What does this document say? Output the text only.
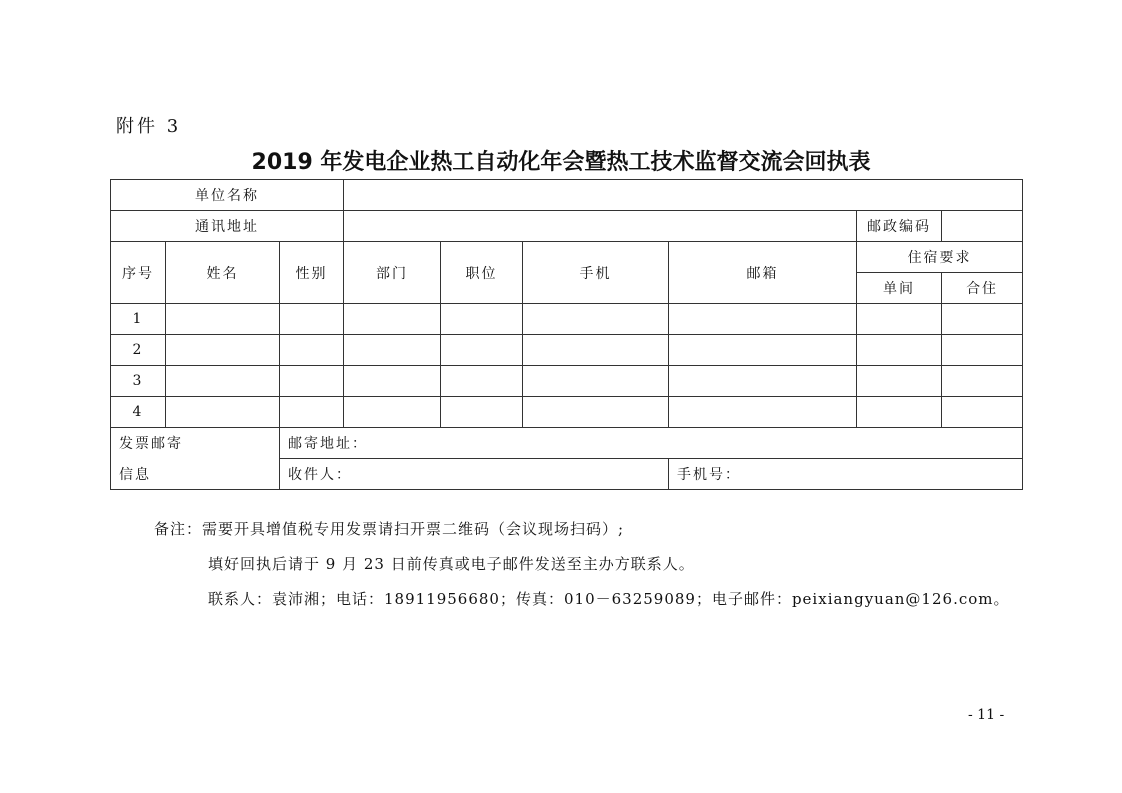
附件 3
2019 年发电企业热工自动化年会暨热工技术监督交流会回执表
单位名称								
通讯地址							邮政编码	
序号	姓名	性别	部门	职位	手机	邮箱	住宿要求	
							单间	合住
1								
2								
3								
4								
发票邮寄		邮寄地址：						
信息		收件人：				手机号：		
备注：需要开具增值税专用发票请扫开票二维码（会议现场扫码）;
填好回执后请于 9 月 23 日前传真或电子邮件发送至主办方联系人。
联系人：袁沛湘；电话：18911956680；传真：010－63259089；电子邮件：peixiangyuan@126.com。
- 11 -
